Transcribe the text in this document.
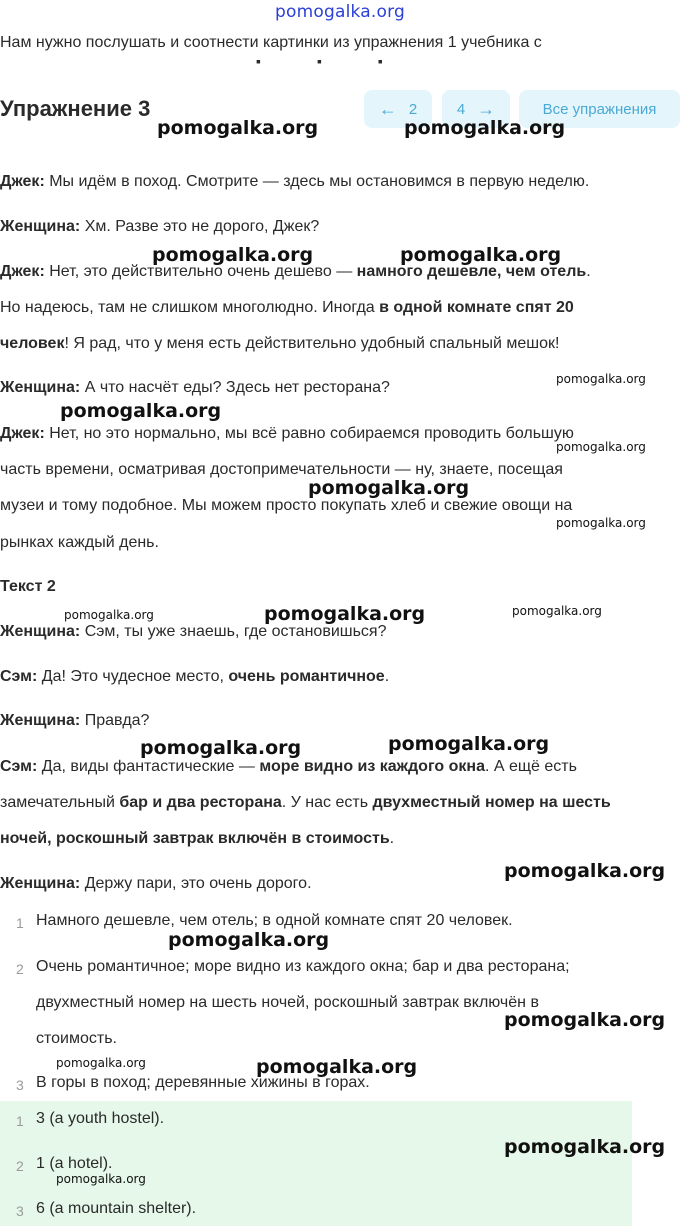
pomogalka.org
Нам нужно послушать и соотнести картинки из упражнения 1 учебника с
▪▪▪
Упражнение 3	← 2	4 →	Все упражнения
Джек: Мы идём в поход. Смотрите — здесь мы остановимся в первую неделю.
Женщина: Хм. Разве это не дорого, Джек?
Джек: Нет, это действительно очень дешево — намного дешевле, чем отель.
Но надеюсь, там не слишком многолюдно. Иногда в одной комнате спят 20
человек! Я рад, что у меня есть действительно удобный спальный мешок!
Женщина: А что насчёт еды? Здесь нет ресторана?
Джек: Нет, но это нормально, мы всё равно собираемся проводить большую
часть времени, осматривая достопримечательности — ну, знаете, посещая
музеи и тому подобное. Мы можем просто покупать хлеб и свежие овощи на
рынках каждый день.
Текст 2
Женщина: Сэм, ты уже знаешь, где остановишься?
Сэм: Да! Это чудесное место, очень романтичное.
Женщина: Правда?
Сэм: Да, виды фантастические — море видно из каждого окна. А ещё есть
замечательный бар и два ресторана. У нас есть двухместный номер на шесть
ночей, роскошный завтрак включён в стоимость.
Женщина: Держу пари, это очень дорого.
1 Намного дешевле, чем отель; в одной комнате спят 20 человек.
2 Очень романтичное; море видно из каждого окна; бар и два ресторана;
двухместный номер на шесть ночей, роскошный завтрак включён в
стоимость.
3 В горы в поход; деревянные хижины в горах.
1 3 (a youth hostel).
2 1 (a hotel).
3 6 (a mountain shelter).
pomogalka.org	pomogalka.org
pomogalka.org	pomogalka.org
pomogalka.org
pomogalka.org
pomogalka.org
pomogalka.org
pomogalka.org
pomogalka.org	pomogalka.org	pomogalka.org
pomogalka.org	pomogalka.org
pomogalka.org
pomogalka.org
pomogalka.org
pomogalka.org	pomogalka.org
pomogalka.org
pomogalka.org
